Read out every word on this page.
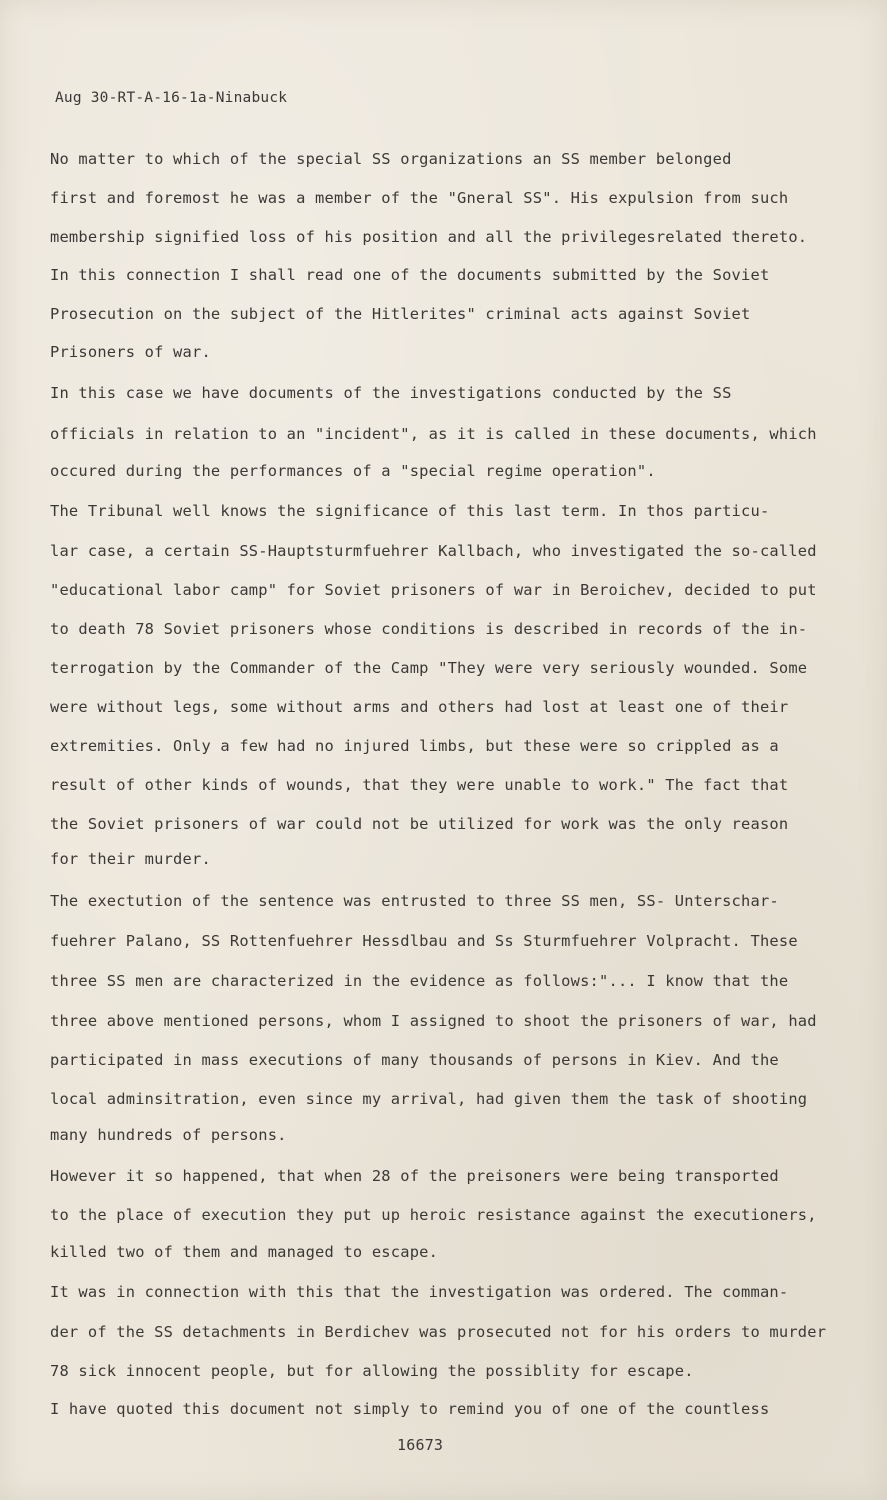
Aug 30-RT-A-16-1a-Ninabuck
No matter to which of the special SS organizations an SS member belonged
first and foremost he was a member of the "Gneral SS". His expulsion from such
membership signified loss of his position and all the privilegesrelated thereto.
In this connection I shall read one of the documents submitted by the Soviet
Prosecution on the subject of the Hitlerites" criminal acts against Soviet
Prisoners of war.
In this case we have documents of the investigations conducted by the SS
officials in relation to an "incident", as it is called in these documents, which
occured during the performances of a "special regime operation".
The Tribunal well knows the significance of this last term. In thos particu-
lar case, a certain SS-Hauptsturmfuehrer Kallbach, who investigated the so-called
"educational labor camp" for Soviet prisoners of war in Beroichev, decided to put
to death 78 Soviet prisoners whose conditions is described in records of the in-
terrogation by the Commander of the Camp "They were very seriously wounded. Some
were without legs, some without arms and others had lost at least one of their
extremities. Only a few had no injured limbs, but these were so crippled as a
result of other kinds of wounds, that they were unable to work." The fact that
the Soviet prisoners of war could not be utilized for work was the only reason
for their murder.
The exectution of the sentence was entrusted to three SS men, SS- Unterschar-
fuehrer Palano, SS Rottenfuehrer Hessdlbau and Ss Sturmfuehrer Volpracht. These
three SS men are characterized in the evidence as follows:"... I know that the
three above mentioned persons, whom I assigned to shoot the prisoners of war, had
participated in mass executions of many thousands of persons in Kiev. And the
local adminsitration, even since my arrival, had given them the task of shooting
many hundreds of persons.
However it so happened, that when 28 of the preisoners were being transported
to the place of execution they put up heroic resistance against the executioners,
killed two of them and managed to escape.
It was in connection with this that the investigation was ordered. The comman-
der of the SS detachments in Berdichev was prosecuted not for his orders to murder
78 sick innocent people, but for allowing the possiblity for escape.
I have quoted this document not simply to remind you of one of the countless
16673
